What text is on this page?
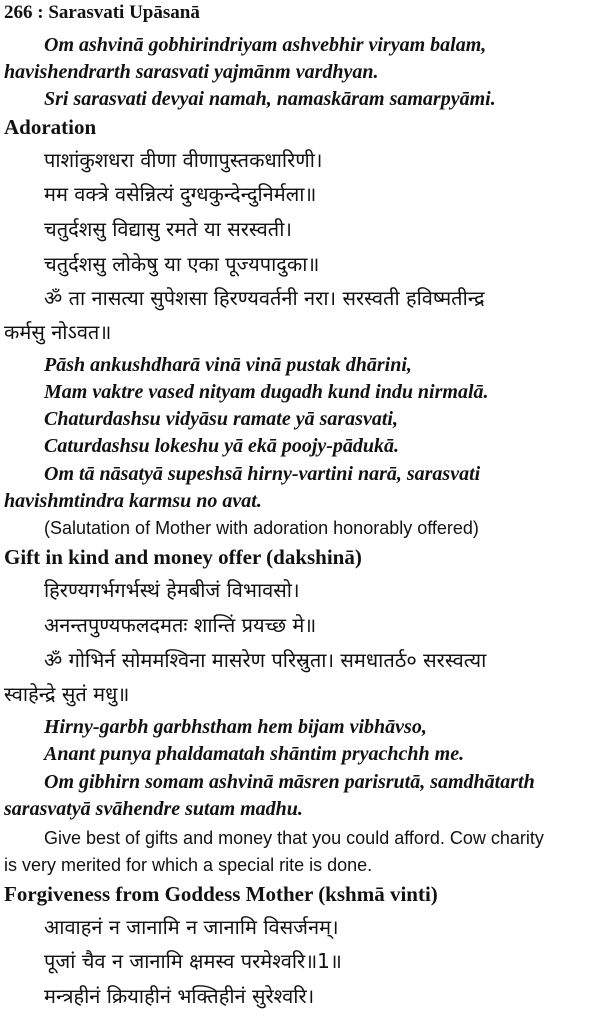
266 : Sarasvati Upāsanā
Om ashvinā gobhirindriyam ashvebhir viryam balam,
havishendrarth sarasvati yajmānm vardhyan.
Sri sarasvati devyai namah, namaskāram samarpyāmi.
Adoration
पाशांकुशधरा वीणा वीणापुस्तकधारिणी।
मम वक्त्रे वसेन्नित्यं दुग्धकुन्देन्दुनिर्मला॥
चतुर्दशसु विद्यासु रमते या सरस्वती।
चतुर्दशसु लोकेषु या एका पूज्यपादुका॥
ॐ ता नासत्या सुपेशसा हिरण्यवर्तनी नरा। सरस्वती हविष्मतीन्द्र
कर्मसु नोऽवत॥
Pāsh ankushdharā vinā vinā pustak dhārini,
Mam vaktre vased nityam dugadh kund indu nirmalā.
Chaturdashsu vidyāsu ramate yā sarasvati,
Caturdashsu lokeshu yā ekā poojy-pādukā.
Om tā nāsatyā supeshsā hirny-vartini narā, sarasvati
havishmtindra karmsu no avat.
(Salutation of Mother with adoration honorably offered)
Gift in kind and money offer (dakshinā)
हिरण्यगर्भगर्भस्थं हेमबीजं विभावसो।
अनन्तपुण्यफलदमतः शान्तिं प्रयच्छ मे॥
ॐ गोभिर्न सोममश्विना मासरेण परिस्रुता। समधातर्ठ० सरस्वत्या
स्वाहेन्द्रे सुतं मधु॥
Hirny-garbh garbhstham hem bijam vibhāvso,
Anant punya phaldamatah shāntim pryachchh me.
Om gibhirn somam ashvinā māsren parisrutā, samdhātarth
sarasvatyā svāhendre sutam madhu.
Give best of gifts and money that you could afford. Cow charity
is very merited for which a special rite is done.
Forgiveness from Goddess Mother (kshmā vinti)
आवाहनं न जानामि न जानामि विसर्जनम्।
पूजां चैव न जानामि क्षमस्व परमेश्वरि॥1॥
मन्त्रहीनं क्रियाहीनं भक्तिहीनं सुरेश्वरि।
